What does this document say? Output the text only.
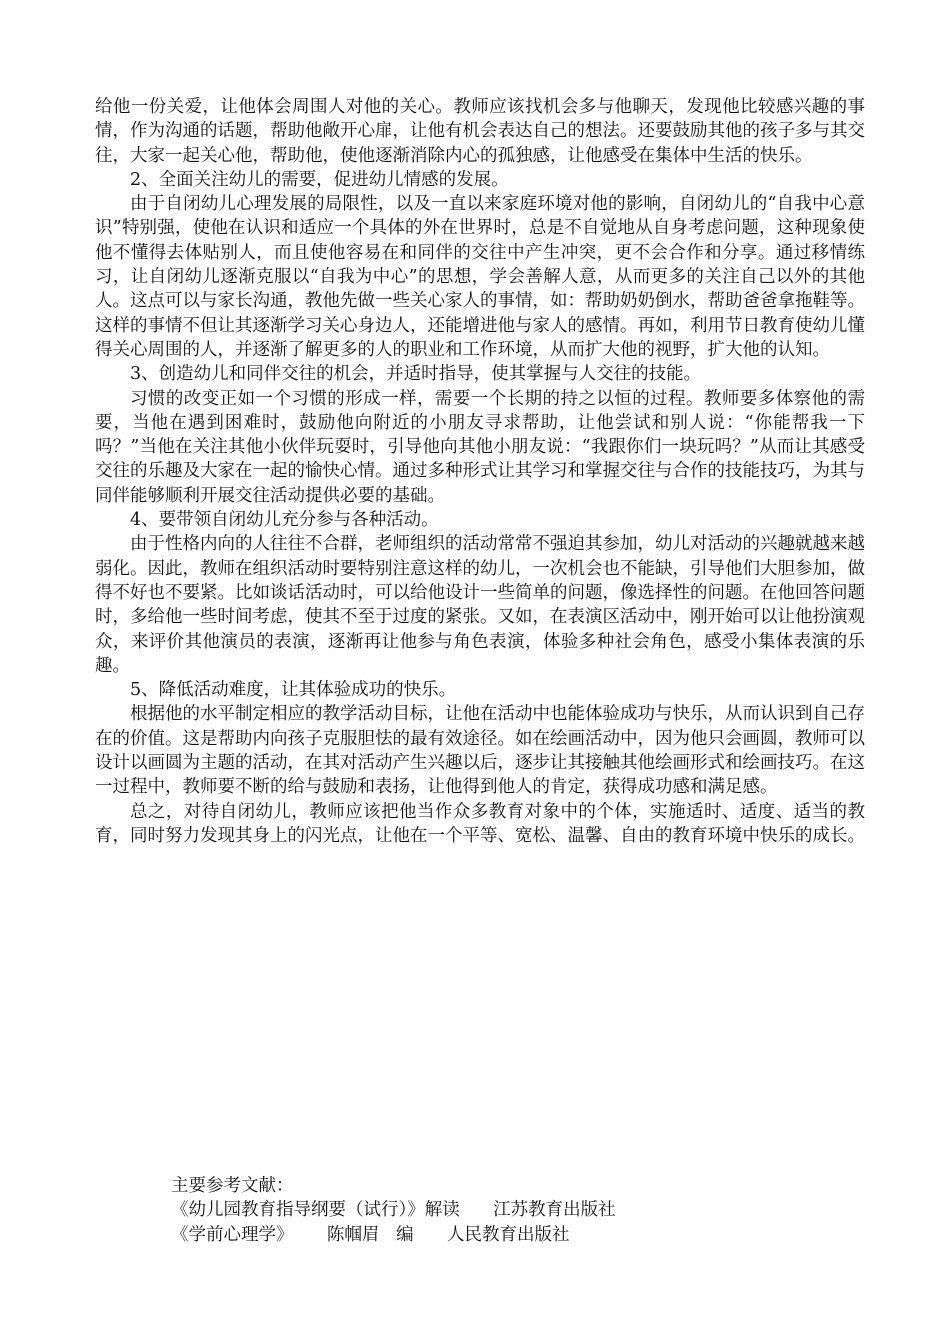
给他一份关爱，让他体会周围人对他的关心。教师应该找机会多与他聊天，发现他比较感兴趣的事情，作为沟通的话题，帮助他敞开心扉，让他有机会表达自己的想法。还要鼓励其他的孩子多与其交往，大家一起关心他，帮助他，使他逐渐消除内心的孤独感，让他感受在集体中生活的快乐。

2、全面关注幼儿的需要，促进幼儿情感的发展。

由于自闭幼儿心理发展的局限性，以及一直以来家庭环境对他的影响，自闭幼儿的“自我中心意识”特别强，使他在认识和适应一个具体的外在世界时，总是不自觉地从自身考虑问题，这种现象使他不懂得去体贴别人，而且使他容易在和同伴的交往中产生冲突，更不会合作和分享。通过移情练习，让自闭幼儿逐渐克服以“自我为中心”的思想，学会善解人意，从而更多的关注自己以外的其他人。这点可以与家长沟通，教他先做一些关心家人的事情，如：帮助奶奶倒水，帮助爸爸拿拖鞋等。这样的事情不但让其逐渐学习关心身边人，还能增进他与家人的感情。再如，利用节日教育使幼儿懂得关心周围的人，并逐渐了解更多的人的职业和工作环境，从而扩大他的视野，扩大他的认知。

3、创造幼儿和同伴交往的机会，并适时指导，使其掌握与人交往的技能。

习惯的改变正如一个习惯的形成一样，需要一个长期的持之以恒的过程。教师要多体察他的需要，当他在遇到困难时，鼓励他向附近的小朋友寻求帮助，让他尝试和别人说：“你能帮我一下吗？”当他在关注其他小伙伴玩耍时，引导他向其他小朋友说：“我跟你们一块玩吗？”从而让其感受交往的乐趣及大家在一起的愉快心情。通过多种形式让其学习和掌握交往与合作的技能技巧，为其与同伴能够顺利开展交往活动提供必要的基础。

4、要带领自闭幼儿充分参与各种活动。

由于性格内向的人往往不合群，老师组织的活动常常不强迫其参加，幼儿对活动的兴趣就越来越弱化。因此，教师在组织活动时要特别注意这样的幼儿，一次机会也不能缺，引导他们大胆参加，做得不好也不要紧。比如谈话活动时，可以给他设计一些简单的问题，像选择性的问题。在他回答问题时，多给他一些时间考虑，使其不至于过度的紧张。又如，在表演区活动中，刚开始可以让他扮演观众，来评价其他演员的表演，逐渐再让他参与角色表演，体验多种社会角色，感受小集体表演的乐趣。

5、降低活动难度，让其体验成功的快乐。

根据他的水平制定相应的教学活动目标，让他在活动中也能体验成功与快乐，从而认识到自己存在的价值。这是帮助内向孩子克服胆怯的最有效途径。如在绘画活动中，因为他只会画圆，教师可以设计以画圆为主题的活动，在其对活动产生兴趣以后，逐步让其接触其他绘画形式和绘画技巧。在这一过程中，教师要不断的给与鼓励和表扬，让他得到他人的肯定，获得成功感和满足感。

总之，对待自闭幼儿，教师应该把他当作众多教育对象中的个体，实施适时、适度、适当的教育，同时努力发现其身上的闪光点，让他在一个平等、宽松、温馨、自由的教育环境中快乐的成长。

主要参考文献：
《幼儿园教育指导纲要（试行）》解读      江苏教育出版社
《学前心理学》      陈帼眉   编      人民教育出版社
